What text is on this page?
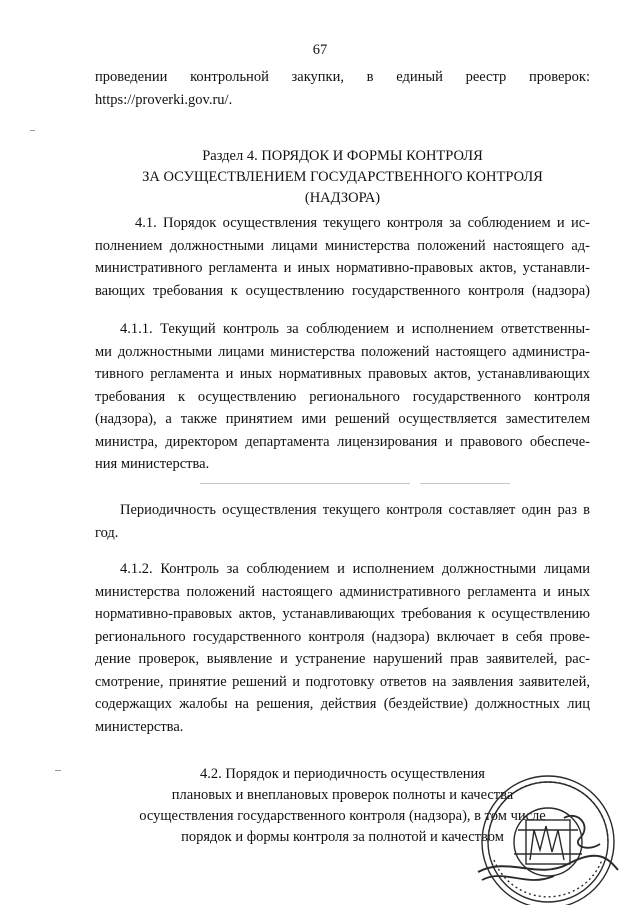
67
проведении контрольной закупки, в единый реестр проверок:
https://proverki.gov.ru/.
Раздел 4. ПОРЯДОК И ФОРМЫ КОНТРОЛЯ
ЗА ОСУЩЕСТВЛЕНИЕМ ГОСУДАРСТВЕННОГО КОНТРОЛЯ
(НАДЗОРА)
4.1. Порядок осуществления текущего контроля за соблюдением и ис-
полнением должностными лицами министерства положений настоящего ад-
министративного регламента и иных нормативно-правовых актов, устанавли-
вающих требования к осуществлению государственного контроля (надзора)
4.1.1. Текущий контроль за соблюдением и исполнением ответственны-
ми должностными лицами министерства положений настоящего администра-
тивного регламента и иных нормативных правовых актов, устанавливающих
требования к осуществлению регионального государственного контроля
(надзора), а также принятием ими решений осуществляется заместителем
министра, директором департамента лицензирования и правового обеспече-
ния министерства.
Периодичность осуществления текущего контроля составляет один раз в
год.
4.1.2. Контроль за соблюдением и исполнением должностными лицами
министерства положений настоящего административного регламента и иных
нормативно-правовых актов, устанавливающих требования к осуществлению
регионального государственного контроля (надзора) включает в себя прове-
дение проверок, выявление и устранение нарушений прав заявителей, рас-
смотрение, принятие решений и подготовку ответов на заявления заявителей,
содержащих жалобы на решения, действия (бездействие) должностных лиц
министерства.
4.2. Порядок и периодичность осуществления
плановых и внеплановых проверок полноты и качества
осуществления государственного контроля (надзора), в том числе
порядок и формы контроля за полнотой и качеством
